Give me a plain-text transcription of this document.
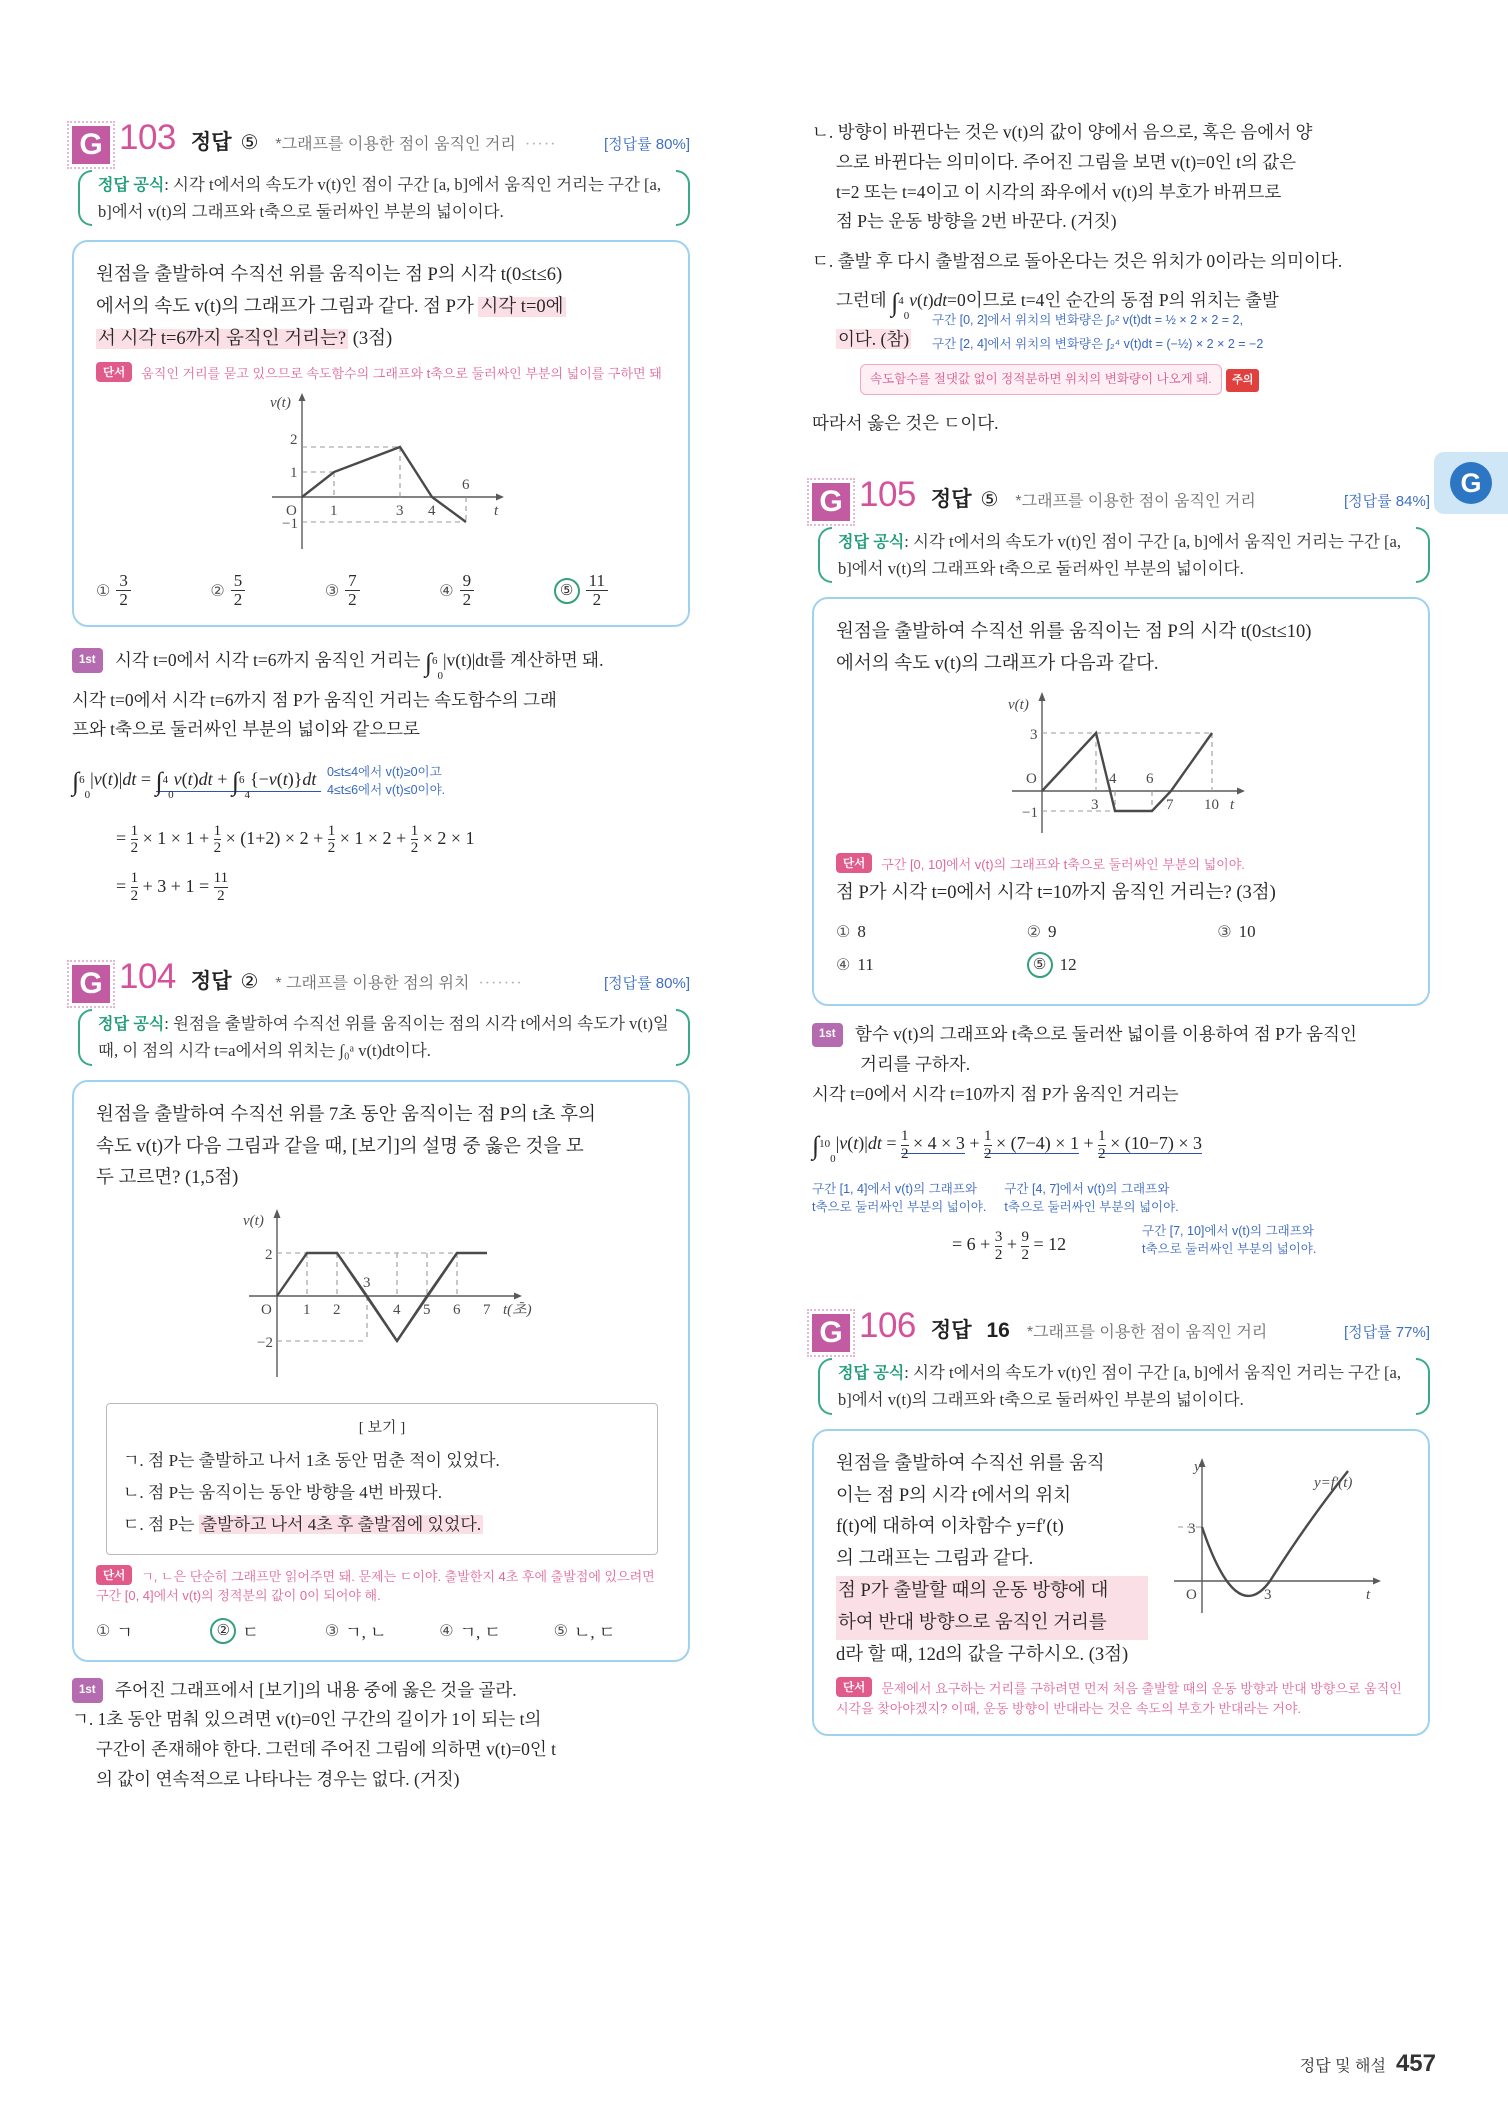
G 103 정답 ⑤ *그래프를 이용한 점이 움직인 거리 ·····	[정답률 80%]
정답 공식: 시각 t에서의 속도가 v(t)인 점이 구간 [a, b]에서 움직인 거리는 구간 [a, b]에서 v(t)의 그래프와 t축으로 둘러싸인 부분의 넓이이다.
원점을 출발하여 수직선 위를 움직이는 점 P의 시각 t(0≤t≤6)
에서의 속도 v(t)의 그래프가 그림과 같다. 점 P가 시각 t=0에
서 시각 t=6까지 움직인 거리는? (3점)
단서 움직인 거리를 묻고 있으므로 속도함수의 그래프와 t축으로 둘러싸인 부분의 넓이를 구하면 돼
v(t)
2
1
−1
O 1	3 4
6
t
① $\frac{3}{2}$	② $\frac{5}{2}$	③ $\frac{7}{2}$	④ $\frac{9}{2}$	⑤ $\frac{11}{2}$
1st 시각 t=0에서 시각 t=6까지 움직인 거리는 ∫$^6_0$|v(t)|dt를 계산하면 돼.
시각 t=0에서 시각 t=6까지 점 P가 움직인 거리는 속도함수의 그래
프와 t축으로 둘러싸인 부분의 넓이와 같으므로
∫$^6_0$|v(t)|dt = ∫$^4_0$v(t)dt + ∫$^6_4${−v(t)}dt 0≤t≤4에서 v(t)≥0이고
4≤t≤6에서 v(t)≤0이야.
= $\frac{1}{2} \times 1 \times 1 + \frac{1}{2} \times (1+2) \times 2 + \frac{1}{2} \times 1 \times 2 + \frac{1}{2} \times 2 \times 1$
= $\frac{1}{2} + 3 + 1 = \frac{11}{2}$
G 104 정답 ② * 그래프를 이용한 점의 위치 ·······	[정답률 80%]
정답 공식: 원점을 출발하여 수직선 위를 움직이는 점의 시각 t에서의 속도가 v(t)일 때, 이 점의 시각 t=a에서의 위치는 ∫₀ᵃ v(t)dt이다.
원점을 출발하여 수직선 위를 7초 동안 움직이는 점 P의 t초 후의
속도 v(t)가 다음 그림과 같을 때, [보기]의 설명 중 옳은 것을 모
두 고르면? (1,5점)
v(t)
2
−2
O 1 2
3
4 5 6 7 t(초)
[ 보기 ]
ㄱ. 점 P는 출발하고 나서 1초 동안 멈춘 적이 있었다.
ㄴ. 점 P는 움직이는 동안 방향을 4번 바꿨다.
ㄷ. 점 P는 출발하고 나서 4초 후 출발점에 있었다.
단서 ㄱ, ㄴ은 단순히 그래프만 읽어주면 돼. 문제는 ㄷ이야. 출발한지 4초 후에 출발점에 있으려면 구간 [0, 4]에서 v(t)의 정적분의 값이 0이 되어야 해.
① ㄱ	② ㄷ	③ ㄱ, ㄴ	④ ㄱ, ㄷ	⑤ ㄴ, ㄷ
1st 주어진 그래프에서 [보기]의 내용 중에 옳은 것을 골라.
ㄱ. 1초 동안 멈춰 있으려면 v(t)=0인 구간의 길이가 1이 되는 t의
구간이 존재해야 한다. 그런데 주어진 그림에 의하면 v(t)=0인 t
의 값이 연속적으로 나타나는 경우는 없다. (거짓)
ㄴ. 방향이 바뀐다는 것은 v(t)의 값이 양에서 음으로, 혹은 음에서 양
으로 바뀐다는 의미이다. 주어진 그림을 보면 v(t)=0인 t의 값은
t=2 또는 t=4이고 이 시각의 좌우에서 v(t)의 부호가 바뀌므로
점 P는 운동 방향을 2번 바꾼다. (거짓)
ㄷ. 출발 후 다시 출발점으로 돌아온다는 것은 위치가 0이라는 의미이다.
그런데 ∫$^4_0$v(t)dt=0이므로 t=4인 순간의 동점 P의 위치는 출발
이다. (참)
구간 [0, 2]에서 위치의 변화량은 ∫₀² v(t)dt = ½ × 2 × 2 = 2,
구간 [2, 4]에서 위치의 변화량은 ∫₂⁴ v(t)dt = (−½) × 2 × 2 = −2
속도함수를 절댓값 없이 정적분하면 위치의 변화량이 나오게 돼. 주의
따라서 옳은 것은 ㄷ이다.
G 105 정답 ⑤ *그래프를 이용한 점이 움직인 거리	[정답률 84%]
정답 공식: 시각 t에서의 속도가 v(t)인 점이 구간 [a, b]에서 움직인 거리는 구간 [a, b]에서 v(t)의 그래프와 t축으로 둘러싸인 부분의 넓이이다.
원점을 출발하여 수직선 위를 움직이는 점 P의 시각 t(0≤t≤10)
에서의 속도 v(t)의 그래프가 다음과 같다.
v(t)
3
−1
O
3
4 6
7 10 t
단서 구간 [0, 10]에서 v(t)의 그래프와 t축으로 둘러싸인 부분의 넓이야.
점 P가 시각 t=0에서 시각 t=10까지 움직인 거리는? (3점)
① 8	② 9	③ 10
④ 11	⑤ 12
1st 함수 v(t)의 그래프와 t축으로 둘러싼 넓이를 이용하여 점 P가 움직인
거리를 구하자.
시각 t=0에서 시각 t=10까지 점 P가 움직인 거리는
$\int^{10}_0|v(t)|dt = \frac{1}{2} \times 4 \times 3 + \frac{1}{2} \times (7-4) \times 1 + \frac{1}{2} \times (10-7) \times 3$
구간 [1, 4]에서 v(t)의 그래프와
t축으로 둘러싸인 부분의 넓이야.
구간 [4, 7]에서 v(t)의 그래프와
t축으로 둘러싸인 부분의 넓이야.
= $6 + \frac{3}{2} + \frac{9}{2} = 12$
구간 [7, 10]에서 v(t)의 그래프와
t축으로 둘러싸인 부분의 넓이야.
G 106 정답 16 *그래프를 이용한 점이 움직인 거리	[정답률 77%]
정답 공식: 시각 t에서의 속도가 v(t)인 점이 구간 [a, b]에서 움직인 거리는 구간 [a, b]에서 v(t)의 그래프와 t축으로 둘러싸인 부분의 넓이이다.
원점을 출발하여 수직선 위를 움직
이는 점 P의 시각 t에서의 위치
f(t)에 대하여 이차함수 y=f′(t)
의 그래프는 그림과 같다.
점 P가 출발할 때의 운동 방향에 대
하여 반대 방향으로 움직인 거리를
d라 할 때, 12d의 값을 구하시오. (3점)
y
3
O	3	t
y=f′(t)
단서 문제에서 요구하는 거리를 구하려면 먼저 처음 출발할 때의 운동 방향과 반대 방향으로 움직인 시각을 찾아야겠지? 이때, 운동 방향이 반대라는 것은 속도의 부호가 반대라는 거야.
G
정답 및 해설 457
